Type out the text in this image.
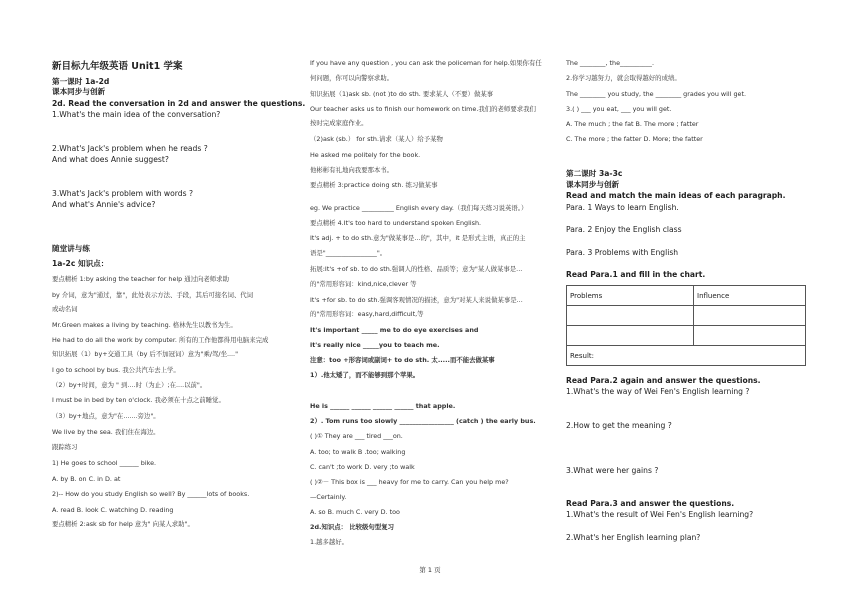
新目标九年级英语 Unit1 学案
第一课时 1a-2d
课本同步与创新
2d. Read the conversation in 2d and answer the questions.
1.What's the main idea of the conversation?
2.What's Jack's problem when he reads ?
And what does Annie suggest?
3.What's Jack's problem with words ?
And what's Annie's advice?
随堂讲与练
1a-2c 知识点：
要点精析 1:by asking the teacher for help 通过向老师求助
by 介词，意为"通过，靠"，此处表示方法、手段，其后可接名词、代词
或动名词
Mr.Green makes a living by teaching. 格林先生以教书为生。
He had to do all the work by computer. 所有的工作他都得用电脑来完成
知识拓展（1）by+交通工具（by 后不加冠词）意为"乘/驾/坐...."
I go to school by bus. 我公共汽车去上学。
（2）by+时间，意为 " 到....时（为止）;在....以前"。
I must be in bed by ten o'clock. 我必须在十点之前睡觉。
（3）by+地点，意为"在.......旁边"。
We live by the sea. 我们住在海边。
跟踪练习
1) He goes to school ______ bike.
A. by B. on C. in D. at
2)-- How do you study English so well? By ______lots of books.
A. read B. look C. watching D. reading
要点精析 2:ask sb for help 意为" 向某人求助"。
If you have any question , you can ask the policeman for help.如果你有任
何问题，你可以向警察求助。
知识拓展（1)ask sb. (not )to do sth. 要求某人（不要）做某事
Our teacher asks us to finish our homework on time.我们的老师要求我们
按时完成家庭作业。
（2)ask (sb.） for sth.请求（某人）给予某物
He asked me politely for the book.
他彬彬有礼地向我要那本书。
要点精析 3:practice doing sth. 练习做某事
eg. We practice __________ English every day.（我们每天练习说英语。）
要点精析 4.It's too hard to understand spoken English.
It's adj. + to do sth.意为"做某事是...的"，其中，it 是形式主语，真正的主
语是"________________"。
拓展:It's +of sb. to do sth.强调人的性格、品质等；意为"某人做某事是...
的"常用形容词：kind,nice,clever 等
It's +for sb. to do sth.强调客观情况的描述，意为"对某人来说做某事是...
的"常用形容词：easy,hard,difficult,等
It's important _____ me to do eye exercises and
it's really nice _____you to teach me.
注意：too +形容词或副词+ to do sth. 太.....而不能去做某事
1）.他太矮了，而不能够到那个苹果。
He is ______ ______ ______ ______ that apple.
2）. Tom runs too slowly _________________ (catch ) the early bus.
( )① They are ___ tired ___on.
A. too; to walk B .too; walking
C. can't ;to work D. very ;to walk
( )②－ This box is ___ heavy for me to carry. Can you help me?
—Certainly.
A. so B. much C. very D. too
2d.知识点： 比较级句型复习
1.越多越好。
Problems	Influence

Result:	
The ________, the__________.
2.你学习越努力，就会取得越好的成绩。
The ________ you study, the ________ grades you will get.
3.( ) ___ you eat, ___ you will get.
A. The much ; the fat B. The more ; fatter
C. The more ; the fatter D. More; the fatter
第二课时 3a-3c
课本同步与创新
Read and match the main ideas of each paragraph.
Para. 1 Ways to learn English.
Para. 2 Enjoy the English class
Para. 3 Problems with English
Read Para.1 and fill in the chart.
Read Para.2 again and answer the questions.
1.What's the way of Wei Fen's English learning ?
2.How to get the meaning ?
3.What were her gains ?
Read Para.3 and answer the questions.
1.What's the result of Wei Fen's English learning?
2.What's her English learning plan?
第 1 页
